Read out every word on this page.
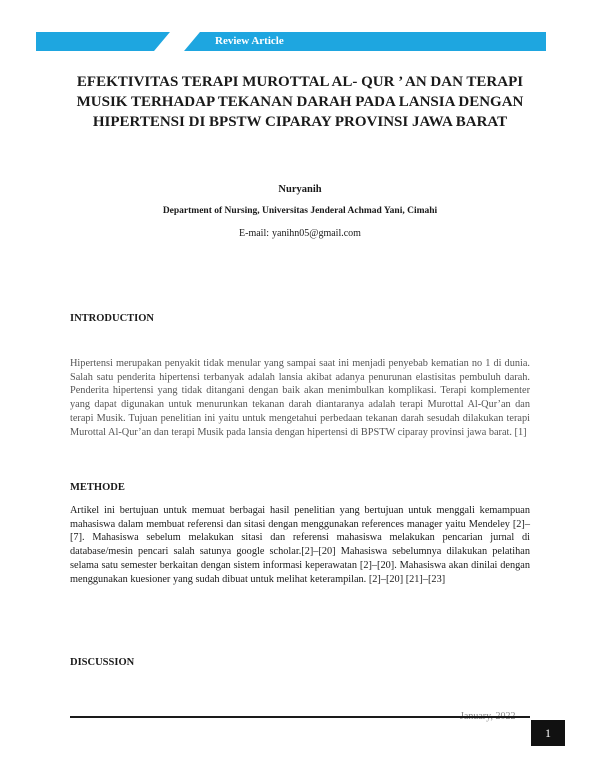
Review Article
EFEKTIVITAS TERAPI MUROTTAL AL- QUR ’ AN DAN TERAPI MUSIK TERHADAP TEKANAN DARAH PADA LANSIA DENGAN HIPERTENSI DI BPSTW CIPARAY PROVINSI JAWA BARAT
Nuryanih
Department of Nursing, Universitas Jenderal Achmad Yani, Cimahi
E-mail: yanihn05@gmail.com
INTRODUCTION

Hipertensi merupakan penyakit tidak menular yang sampai saat ini menjadi penyebab kematian no 1 di dunia. Salah satu penderita hipertensi terbanyak adalah lansia akibat adanya penurunan elastisitas pembuluh darah. Penderita hipertensi yang tidak ditangani dengan baik akan menimbulkan komplikasi. Terapi komplementer yang dapat digunakan untuk menurunkan tekanan darah diantaranya adalah terapi Murottal Al-Qur’an dan terapi Musik. Tujuan penelitian ini yaitu untuk mengetahui perbedaan tekanan darah sesudah dilakukan terapi Murottal Al-Qur’an dan terapi Musik pada lansia dengan hipertensi di BPSTW ciparay provinsi jawa barat. [1]

METHODE

Artikel ini bertujuan untuk memuat berbagai hasil penelitian yang bertujuan untuk menggali kemampuan mahasiswa dalam membuat referensi dan sitasi dengan menggunakan references manager yaitu Mendeley [2]–[7]. Mahasiswa sebelum melakukan sitasi dan referensi mahasiswa melakukan pencarian jurnal di database/mesin pencari salah satunya google scholar.[2]–[20] Mahasiswa sebelumnya dilakukan pelatihan selama satu semester berkaitan dengan sistem informasi keperawatan [2]–[20]. Mahasiswa akan dinilai dengan menggunakan kuesioner yang sudah dibuat untuk melihat keterampilan. [2]–[20] [21]–[23]

DISCUSSION
1
